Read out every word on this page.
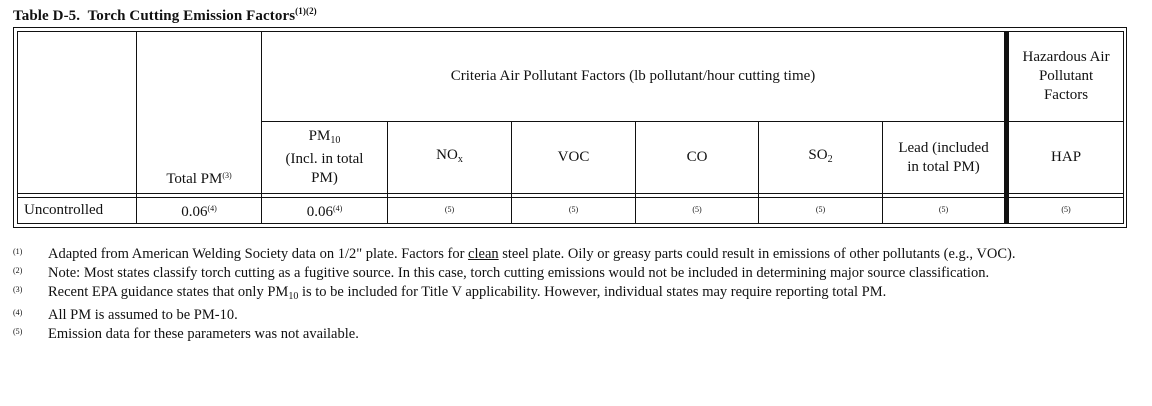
Table D-5. Torch Cutting Emission Factors$^{(1)(2)}$
	Total PM$^{(3)}$	Criteria Air Pollutant Factors (lb pollutant/hour cutting time)						Hazardous Air
Pollutant
Factors
		$PM_{10}$
(Incl. in total
PM)	$NO_x$	VOC	CO	$SO_2$	Lead (included
in total PM)	HAP

Uncontrolled	0.06$^{(4)}$	0.06$^{(4)}$	$^{(5)}$	$^{(5)}$	$^{(5)}$	$^{(5)}$	$^{(5)}$	$^{(5)}$
(1)	Adapted from American Welding Society data on 1/2" plate. Factors for clean steel plate. Oily or greasy parts could result in emissions of other pollutants (e.g., VOC).
(2)	Note: Most states classify torch cutting as a fugitive source. In this case, torch cutting emissions would not be included in determining major source classification.
(3)	Recent EPA guidance states that only $PM_{10}$ is to be included for Title V applicability. However, individual states may require reporting total PM.
(4)	All PM is assumed to be PM-10.
(5)	Emission data for these parameters was not available.
